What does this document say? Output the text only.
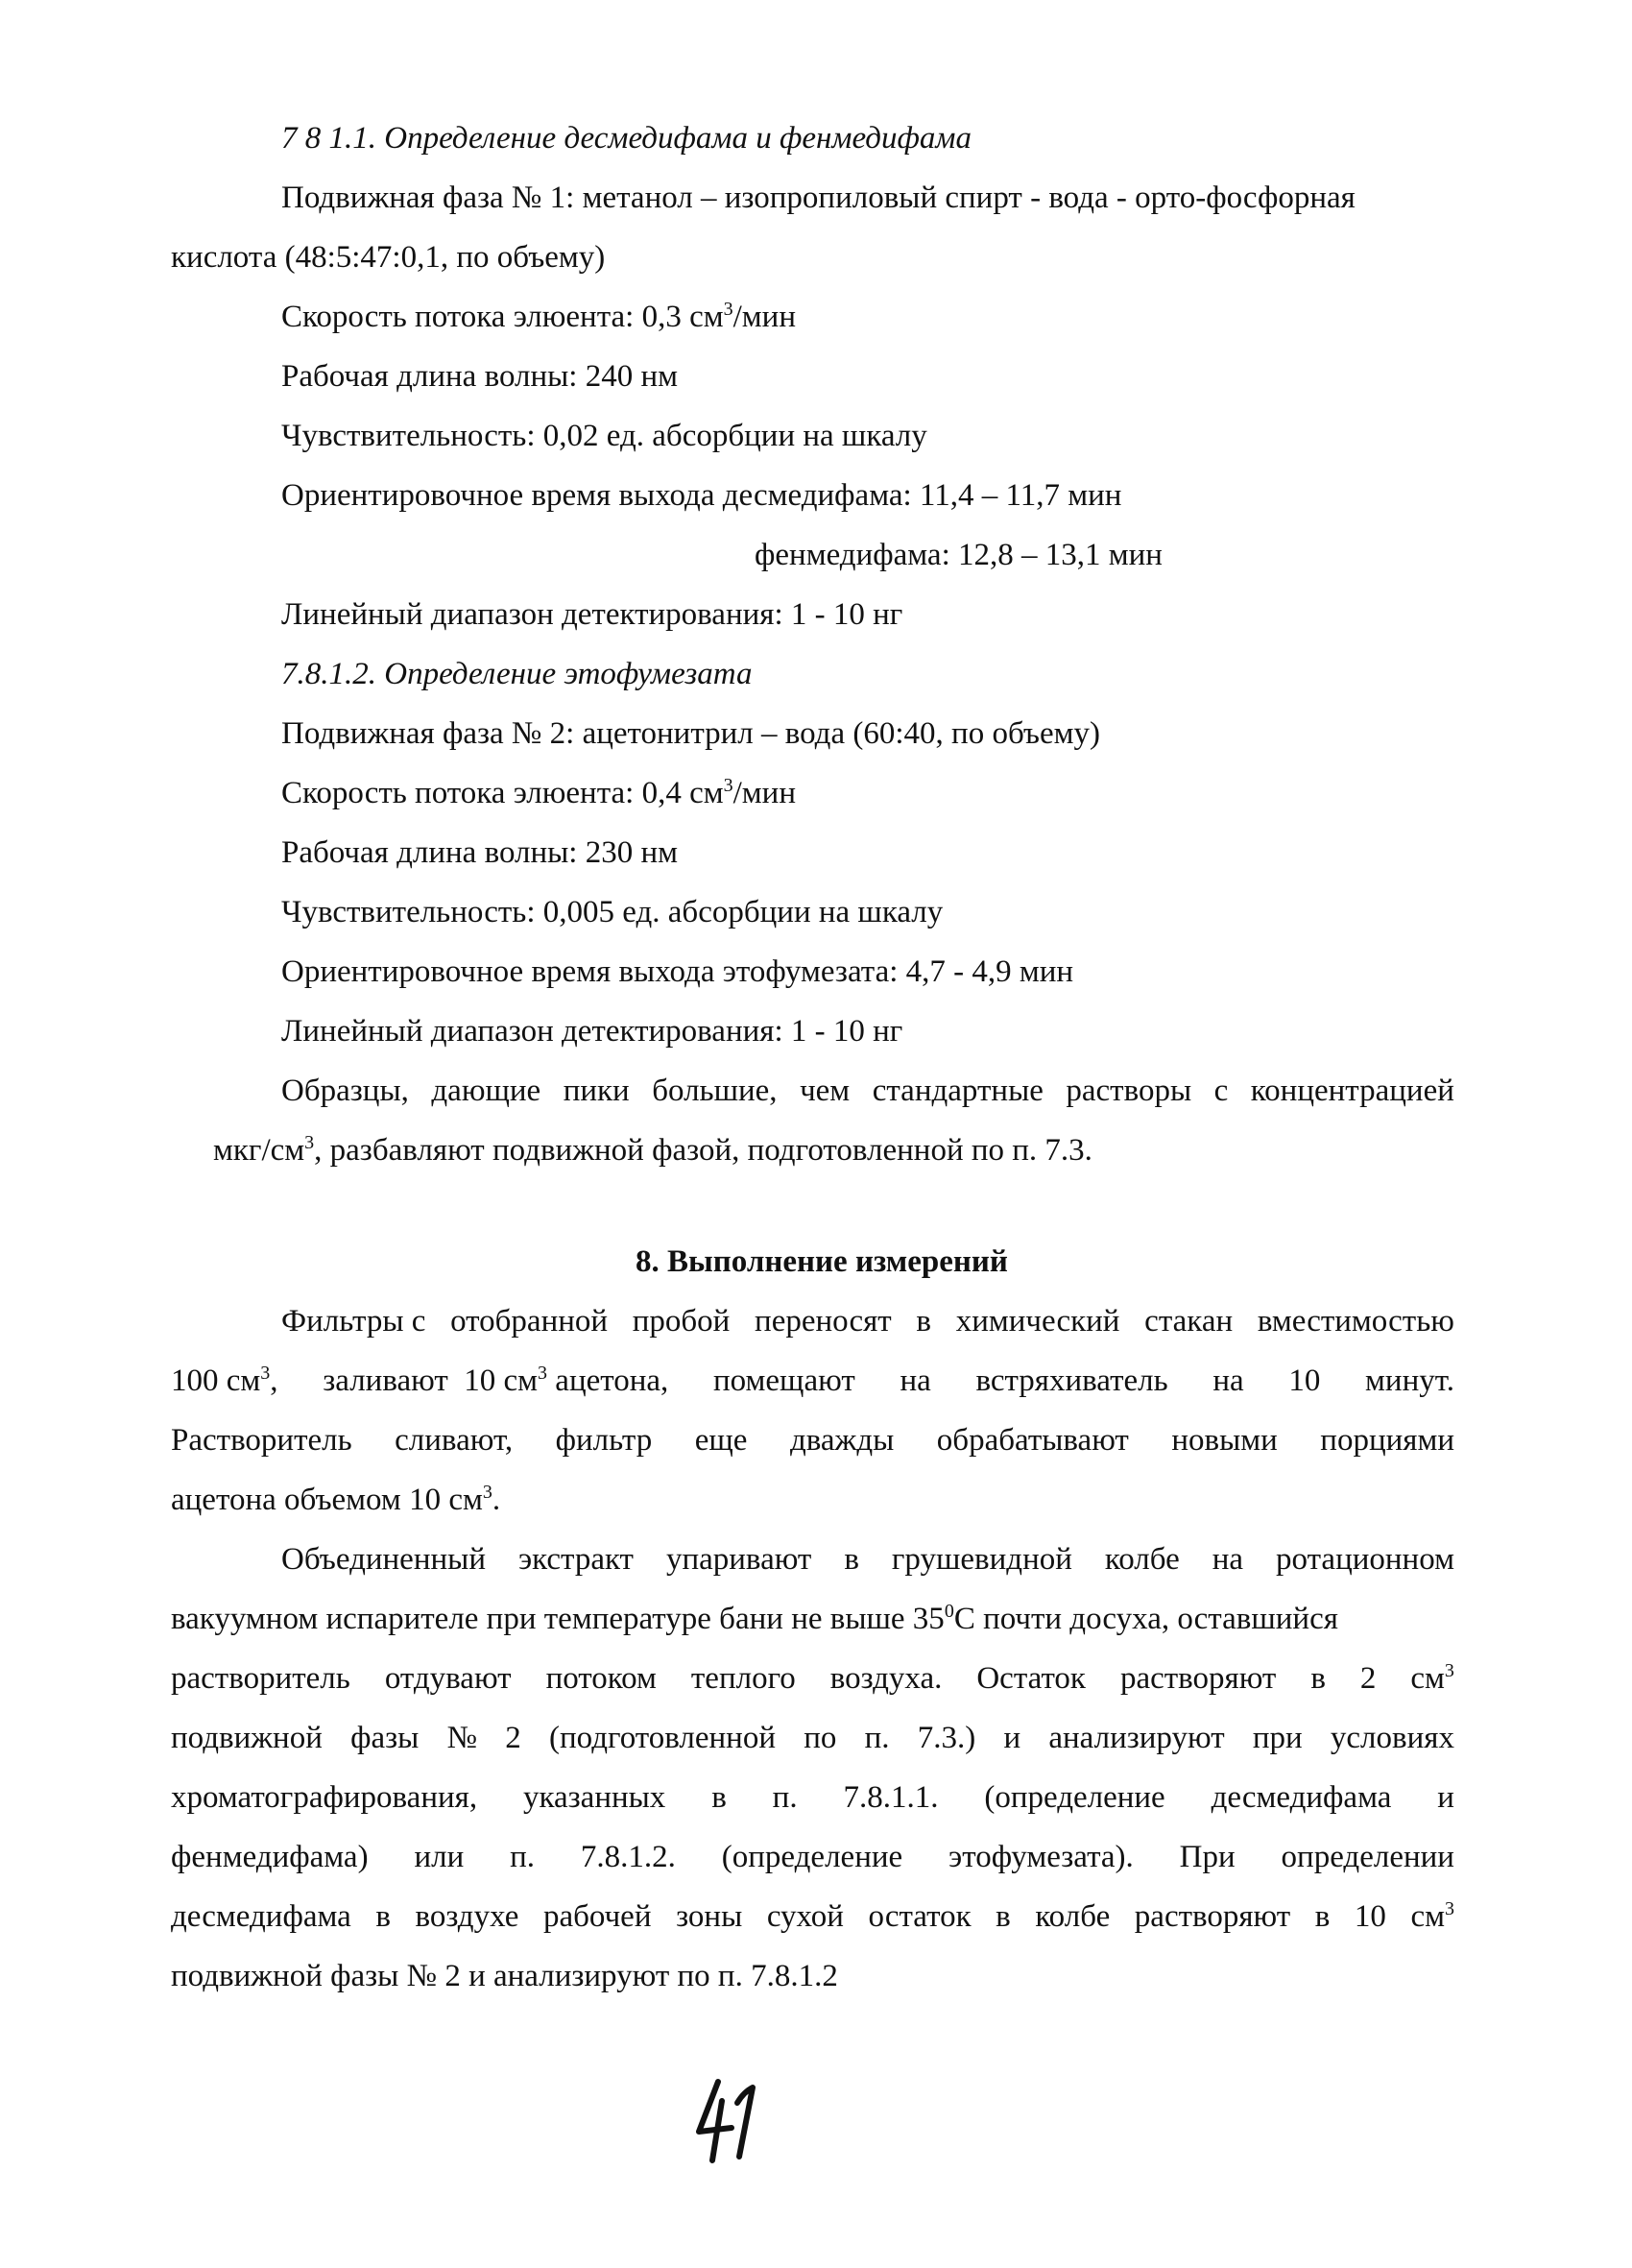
7 8 1.1. Определение десмедифама и фенмедифама
Подвижная фаза № 1: метанол – изопропиловый спирт - вода - орто-фосфорная
кислота (48:5:47:0,1, по объему)
Скорость потока элюента: 0,3 $см^3$/мин
Рабочая длина волны: 240 нм
Чувствительность: 0,02 ед. абсорбции на шкалу
Ориентировочное время выхода десмедифама: 11,4 – 11,7 мин
фенмедифама: 12,8 – 13,1 мин
Линейный диапазон детектирования: 1 - 10 нг
7.8.1.2. Определение этофумезата
Подвижная фаза № 2: ацетонитрил – вода (60:40, по объему)
Скорость потока элюента: 0,4 $см^3$/мин
Рабочая длина волны: 230 нм
Чувствительность: 0,005 ед. абсорбции на шкалу
Ориентировочное время выхода этофумезата: 4,7 - 4,9 мин
Линейный диапазон детектирования: 1 - 10 нг
Образцы, дающие пики большие, чем стандартные растворы с концентрацией
мкг/$см^3$, разбавляют подвижной фазой, подготовленной по п. 7.3.
8. Выполнение измерений
Фильтры с отобранной пробой переносят в химический стакан вместимостью
100 $см^3$, заливают  10 $см^3$ ацетона, помещают на встряхиватель на 10 минут.
Растворитель сливают, фильтр еще дважды обрабатывают новыми порциями
ацетона объемом 10 $см^3$.
Объединенный экстракт упаривают в грушевидной колбе на ротационном
вакуумном испарителе при температуре бани не выше $35^0С$ почти досуха, оставшийся
растворитель отдувают потоком теплого воздуха. Остаток растворяют в 2 $см^3$
подвижной фазы № 2 (подготовленной по п. 7.3.) и анализируют при условиях
хроматографирования, указанных в п. 7.8.1.1. (определение десмедифама и
фенмедифама) или п. 7.8.1.2. (определение этофумезата). При определении
десмедифама в воздухе рабочей зоны сухой остаток в колбе растворяют в 10 $см^3$
подвижной фазы № 2 и анализируют по п. 7.8.1.2
